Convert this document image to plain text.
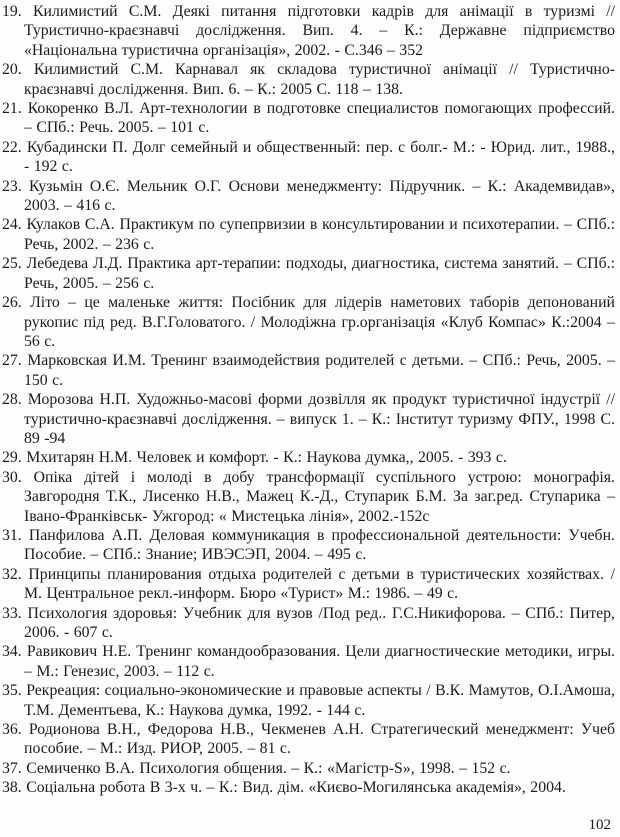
19. Килимистий С.М. Деякі питання підготовки кадрів для анімації в туризмі // Туристично-краєзнавчі дослідження. Вип. 4. – К.: Державне підприємство «Національна туристична організація», 2002. - С.346 – 352

20. Килимистий С.М. Карнавал як складова туристичної анімації // Туристично-краєзнавчі дослідження. Вип. 6. – К.: 2005 С. 118 – 138.

21. Кокоренко В.Л. Арт-технологии в подготовке специалистов помогающих профессий. – СПб.: Речь. 2005. – 101 с.

22. Кубадински П. Долг семейный и общественный: пер. с болг.- М.: - Юрид. лит., 1988., - 192 с.

23. Кузьмін О.Є. Мельник О.Г. Основи менеджменту: Підручник. – К.: Академвидав», 2003. – 416 с.

24. Кулаков С.А. Практикум по супепрвизии в консультировании и психотерапии. – СПб.: Речь, 2002. – 236 с.

25. Лебедева Л.Д. Практика арт-терапии: подходы, диагностика, система занятий. – СПб.: Речь, 2005. – 256 с.

26. Літо – це маленьке життя: Посібник для лідерів наметових таборів депонований рукопис під ред. В.Г.Головатого. / Молодіжна гр.організація «Клуб Компас» К.:2004 – 56 с.

27. Марковская И.М. Тренинг взаимодействия родителей с детьми. – СПб.: Речь, 2005. – 150 с.

28. Морозова Н.П. Художньо-масові форми дозвілля як продукт туристичної індустрії // туристично-краєзнавчі дослідження. – випуск 1. – К.: Інститут туризму ФПУ., 1998 С. 89 -94

29. Мхитарян Н.М. Человек и комфорт. - К.: Наукова думка,, 2005. - 393 с.

30. Опіка дітей і молоді в добу трансформації суспільного устрою: монографія. Завгородня Т.К., Лисенко Н.В., Мажец К.-Д., Ступарик Б.М. За заг.ред. Ступарика – Івано-Франківськ- Ужгород: « Мистецька лінія», 2002.-152с

31. Панфилова А.П. Деловая коммуникация в профессиональной деятельности: Учебн. Пособие. – СПб.: Знание; ИВЭСЭП, 2004. – 495 с.

32. Принципы планирования отдыха родителей с детьми в туристических хозяйствах. / М. Центральное рекл.-информ. Бюро «Турист» М.: 1986. – 49 с.

33. Психология здоровья: Учебник для вузов /Под ред.. Г.С.Никифорова. – СПб.: Питер, 2006. - 607 с.

34. Равикович Н.Е. Тренинг командообразования. Цели диагностические методики, игры. – М.: Генезис, 2003. – 112 с.

35. Рекреация: социально-экономические и правовые аспекты / В.К. Мамутов, О.І.Амоша, Т.М. Дементьева, К.: Наукова думка, 1992. - 144 с.

36. Родионова В.Н., Федорова Н.В., Чекменев А.Н. Стратегический менеджмент: Учеб пособие. – М.: Изд. РИОР, 2005. – 81 с.

37. Семиченко В.А. Психология общения. – К.: «Магістр-S», 1998. – 152 с.

38. Соціальна робота В 3-х ч. – К.: Вид. дім. «Києво-Могилянська академія», 2004.

102
